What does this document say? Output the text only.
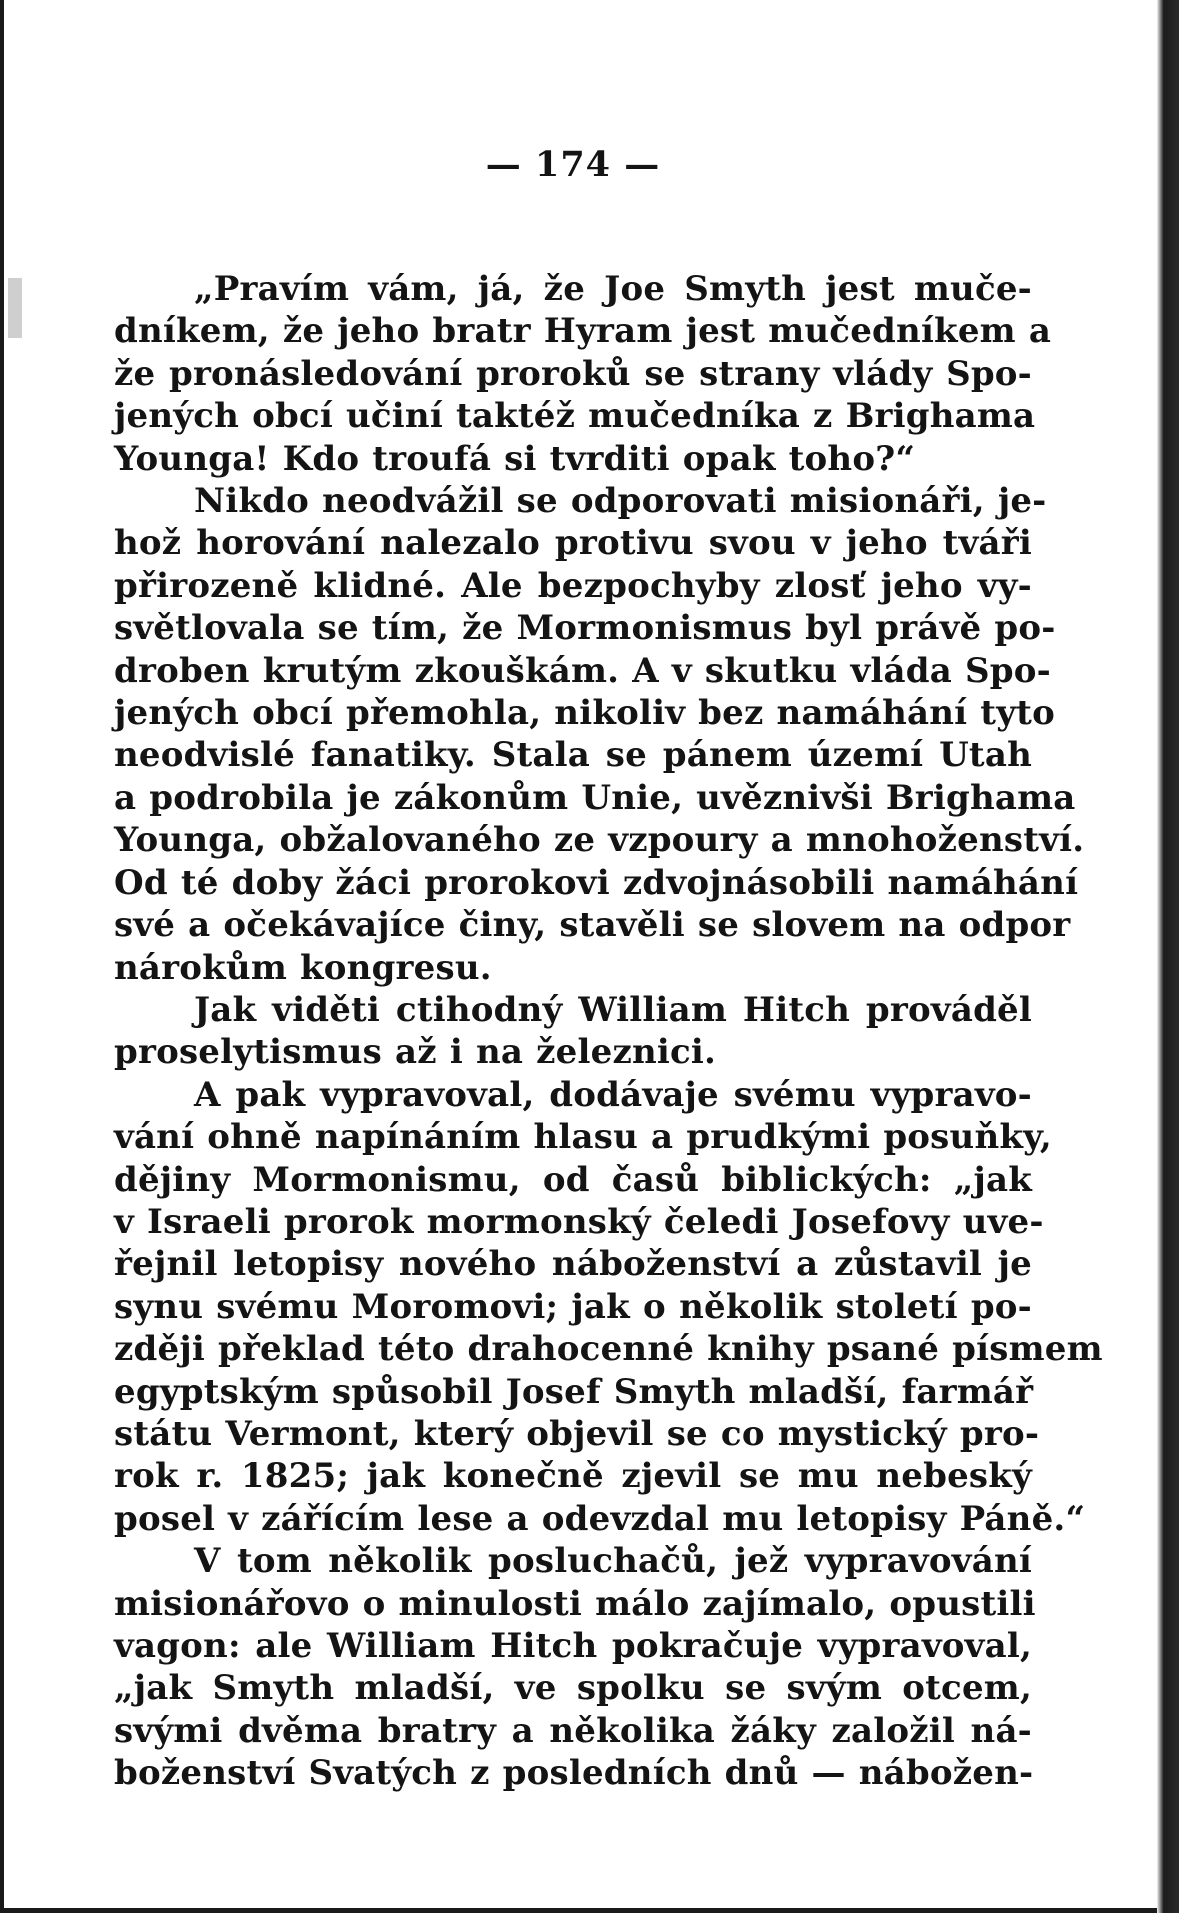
— 174 —

„Pravím vám, já, že Joe Smyth jest muče-
dníkem, že jeho bratr Hyram jest mučedníkem a
že pronásledování proroků se strany vlády Spo-
jených obcí učiní taktéž mučedníka z Brighama
Younga! Kdo troufá si tvrditi opak toho?“
Nikdo neodvážil se odporovati misionáři, je-
hož horování nalezalo protivu svou v jeho tváři
přirozeně klidné. Ale bezpochyby zlosť jeho vy-
světlovala se tím, že Mormonismus byl právě po-
droben krutým zkouškám. A v skutku vláda Spo-
jených obcí přemohla, nikoliv bez namáhání tyto
neodvislé fanatiky. Stala se pánem území Utah
a podrobila je zákonům Unie, uvěznivši Brighama
Younga, obžalovaného ze vzpoury a mnohoženství.
Od té doby žáci prorokovi zdvojnásobili namáhání
své a očekávajíce činy, stavěli se slovem na odpor
nárokům kongresu.

Jak viděti ctihodný William Hitch prováděl
proselytismus až i na železnici.

A pak vypravoval, dodávaje svému vypravo-
vání ohně napínáním hlasu a prudkými posuňky,
dějiny Mormonismu, od časů biblických: „jak
v Israeli prorok mormonský čeledi Josefovy uve-
řejnil letopisy nového náboženství a zůstavil je
synu svému Moromovi; jak o několik století po-
zději překlad této drahocenné knihy psané písmem
egyptským spůsobil Josef Smyth mladší, farmář
státu Vermont, který objevil se co mystický pro-
rok r. 1825; jak konečně zjevil se mu nebeský
posel v zářícím lese a odevzdal mu letopisy Páně.“

V tom několik posluchačů, jež vypravování
misionářovo o minulosti málo zajímalo, opustili
vagon: ale William Hitch pokračuje vypravoval,
„jak Smyth mladší, ve spolku se svým otcem,
svými dvěma bratry a několika žáky založil ná-
boženství Svatých z posledních dnů — nábožen-
